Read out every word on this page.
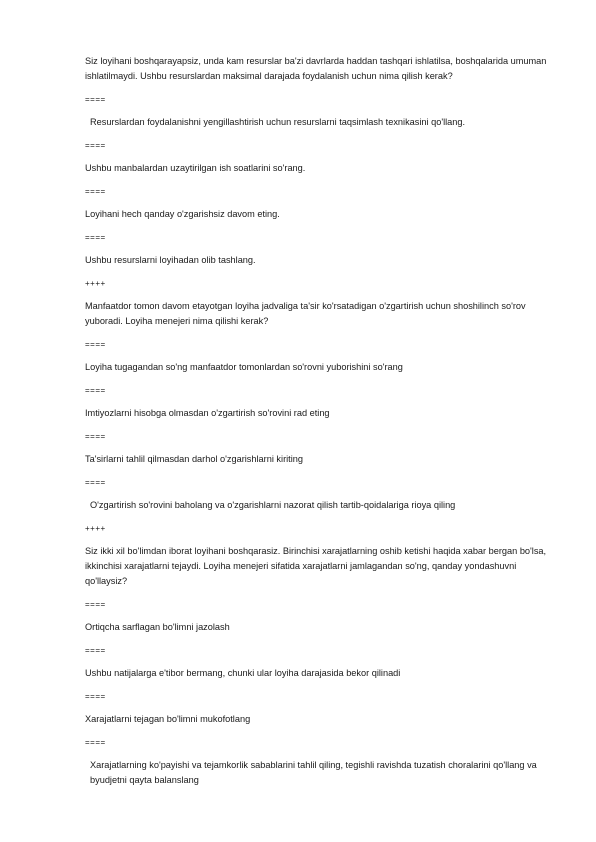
Siz loyihani boshqarayapsiz, unda kam resurslar ba'zi davrlarda haddan tashqari ishlatilsa, boshqalarida umuman ishlatilmaydi. Ushbu resurslardan maksimal darajada foydalanish uchun nima qilish kerak?

====

Resurslardan foydalanishni yengillashtirish uchun resurslarni taqsimlash texnikasini qo'llang.

====

Ushbu manbalardan uzaytirilgan ish soatlarini so'rang.

====

Loyihani hech qanday o'zgarishsiz davom eting.

====

Ushbu resurslarni loyihadan olib tashlang.

++++

Manfaatdor tomon davom etayotgan loyiha jadvaliga ta'sir ko'rsatadigan o'zgartirish uchun shoshilinch so'rov yuboradi. Loyiha menejeri nima qilishi kerak?

====

Loyiha tugagandan so'ng manfaatdor tomonlardan so'rovni yuborishini so'rang

====

Imtiyozlarni hisobga olmasdan o'zgartirish so'rovini rad eting

====

Ta'sirlarni tahlil qilmasdan darhol o'zgarishlarni kiriting

====

O'zgartirish so'rovini baholang va o'zgarishlarni nazorat qilish tartib-qoidalariga rioya qiling

++++

Siz ikki xil bo'limdan iborat loyihani boshqarasiz. Birinchisi xarajatlarning oshib ketishi haqida xabar bergan bo'lsa, ikkinchisi xarajatlarni tejaydi. Loyiha menejeri sifatida xarajatlarni jamlagandan so'ng, qanday yondashuvni qo'llaysiz?

====

Ortiqcha sarflagan bo'limni jazolash

====

Ushbu natijalarga e'tibor bermang, chunki ular loyiha darajasida bekor qilinadi

====

Xarajatlarni tejagan bo'limni mukofotlang

====

Xarajatlarning ko'payishi va tejamkorlik sabablarini tahlil qiling, tegishli ravishda tuzatish choralarini qo'llang va byudjetni qayta balanslang
